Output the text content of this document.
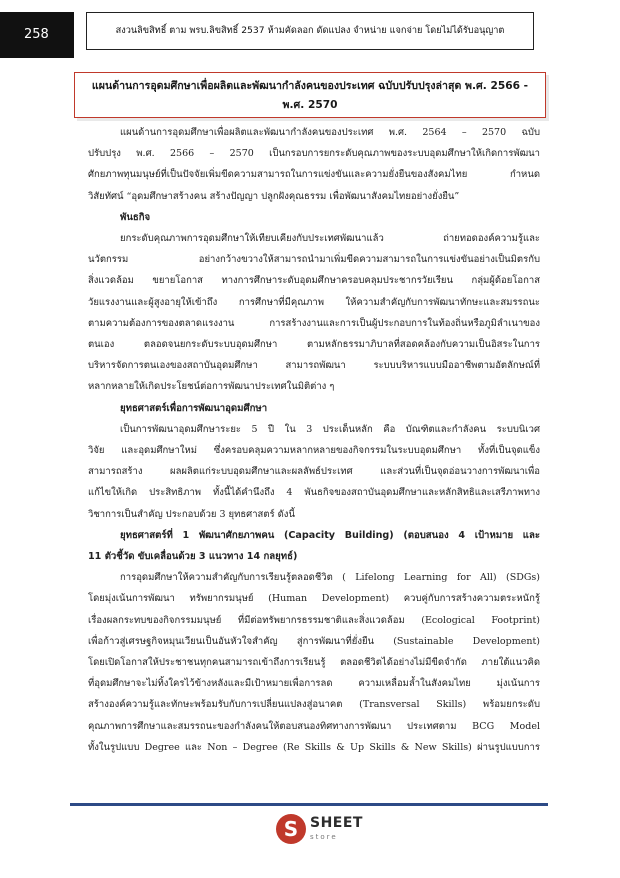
258	สงวนลิขสิทธิ์ ตาม พรบ.ลิขสิทธิ์ 2537 ห้ามคัดลอก ดัดแปลง จำหน่าย แจกจ่าย โดยไม่ได้รับอนุญาต
แผนด้านการอุดมศึกษาเพื่อผลิตและพัฒนากำลังคนของประเทศ ฉบับปรับปรุงล่าสุด พ.ศ. 2566 -
พ.ศ. 2570

แผนด้านการอุดมศึกษาเพื่อผลิตและพัฒนากำลังคนของประเทศ พ.ศ. 2564 – 2570 ฉบับ

ปรับปรุง พ.ศ. 2566 – 2570 เป็นกรอบการยกระดับคุณภาพของระบบอุดมศึกษาให้เกิดการพัฒนา

ศักยภาพทุนมนุษย์ที่เป็นปัจจัยเพิ่มขีดความสามารถในการแข่งขันและความยั่งยืนของสังคมไทย กำหนด

วิสัยทัศน์ “อุดมศึกษาสร้างคน สร้างปัญญา ปลูกฝังคุณธรรม เพื่อพัฒนาสังคมไทยอย่างยั่งยืน”

พันธกิจ

ยกระดับคุณภาพการอุดมศึกษาให้เทียบเคียงกับประเทศพัฒนาแล้ว ถ่ายทอดองค์ความรู้และ

นวัตกรรม อย่างกว้างขวางให้สามารถนำมาเพิ่มขีดความสามารถในการแข่งขันอย่างเป็นมิตรกับ

สิ่งแวดล้อม ขยายโอกาส ทางการศึกษาระดับอุดมศึกษาครอบคลุมประชากรวัยเรียน กลุ่มผู้ด้อยโอกาส

วัยแรงงานและผู้สูงอายุให้เข้าถึง การศึกษาที่มีคุณภาพ ให้ความสำคัญกับการพัฒนาทักษะและสมรรถนะ

ตามความต้องการของตลาดแรงงาน การสร้างงานและการเป็นผู้ประกอบการในท้องถิ่นหรือภูมิลำเนาของ

ตนเอง ตลอดจนยกระดับระบบอุดมศึกษา ตามหลักธรรมาภิบาลที่สอดคล้องกับความเป็นอิสระในการ

บริหารจัดการตนเองของสถาบันอุดมศึกษา สามารถพัฒนา ระบบบริหารแบบมืออาชีพตามอัตลักษณ์ที่

หลากหลายให้เกิดประโยชน์ต่อการพัฒนาประเทศในมิติต่าง ๆ

ยุทธศาสตร์เพื่อการพัฒนาอุดมศึกษา

เป็นการพัฒนาอุดมศึกษาระยะ 5 ปี ใน 3 ประเด็นหลัก คือ บัณฑิตและกำลังคน ระบบนิเวศ

วิจัย และอุดมศึกษาใหม่ ซึ่งครอบคลุมความหลากหลายของกิจกรรมในระบบอุดมศึกษา ทั้งที่เป็นจุดแข็ง

สามารถสร้าง ผลผลิตแก่ระบบอุดมศึกษาและผลลัพธ์ประเทศ และส่วนที่เป็นจุดอ่อนวางการพัฒนาเพื่อ

แก้ไขให้เกิด ประสิทธิภาพ ทั้งนี้ได้คำนึงถึง 4 พันธกิจของสถาบันอุดมศึกษาและหลักสิทธิและเสรีภาพทาง

วิชาการเป็นสำคัญ ประกอบด้วย 3 ยุทธศาสตร์ ดังนี้

ยุทธศาสตร์ที่ 1 พัฒนาศักยภาพคน (Capacity Building) (ตอบสนอง 4 เป้าหมาย และ

11 ตัวชี้วัด ขับเคลื่อนด้วย 3 แนวทาง 14 กลยุทธ์)

การอุดมศึกษาให้ความสำคัญกับการเรียนรู้ตลอดชีวิต ( Lifelong Learning for All) (SDGs)

โดยมุ่งเน้นการพัฒนา ทรัพยากรมนุษย์ (Human Development) ควบคู่กับการสร้างความตระหนักรู้

เรื่องผลกระทบของกิจกรรมมนุษย์ ที่มีต่อทรัพยากรธรรมชาติและสิ่งแวดล้อม (Ecological Footprint)

เพื่อก้าวสู่เศรษฐกิจหมุนเวียนเป็นอันหัวใจสำคัญ สู่การพัฒนาที่ยั่งยืน (Sustainable Development)

โดยเปิดโอกาสให้ประชาชนทุกคนสามารถเข้าถึงการเรียนรู้ ตลอดชีวิตได้อย่างไม่มีขีดจำกัด ภายใต้แนวคิด

ที่อุดมศึกษาจะไม่ทิ้งใครไว้ข้างหลังและมีเป้าหมายเพื่อการลด ความเหลื่อมล้ำในสังคมไทย มุ่งเน้นการ

สร้างองค์ความรู้และทักษะพร้อมรับกับการเปลี่ยนแปลงสู่อนาคต (Transversal Skills) พร้อมยกระดับ

คุณภาพการศึกษาและสมรรถนะของกำลังคนให้ตอบสนองทิศทางการพัฒนา ประเทศตาม BCG Model

ทั้งในรูปแบบ Degree และ Non – Degree (Re Skills & Up Skills & New Skills) ผ่านรูปแบบการ

S SHEET
store
